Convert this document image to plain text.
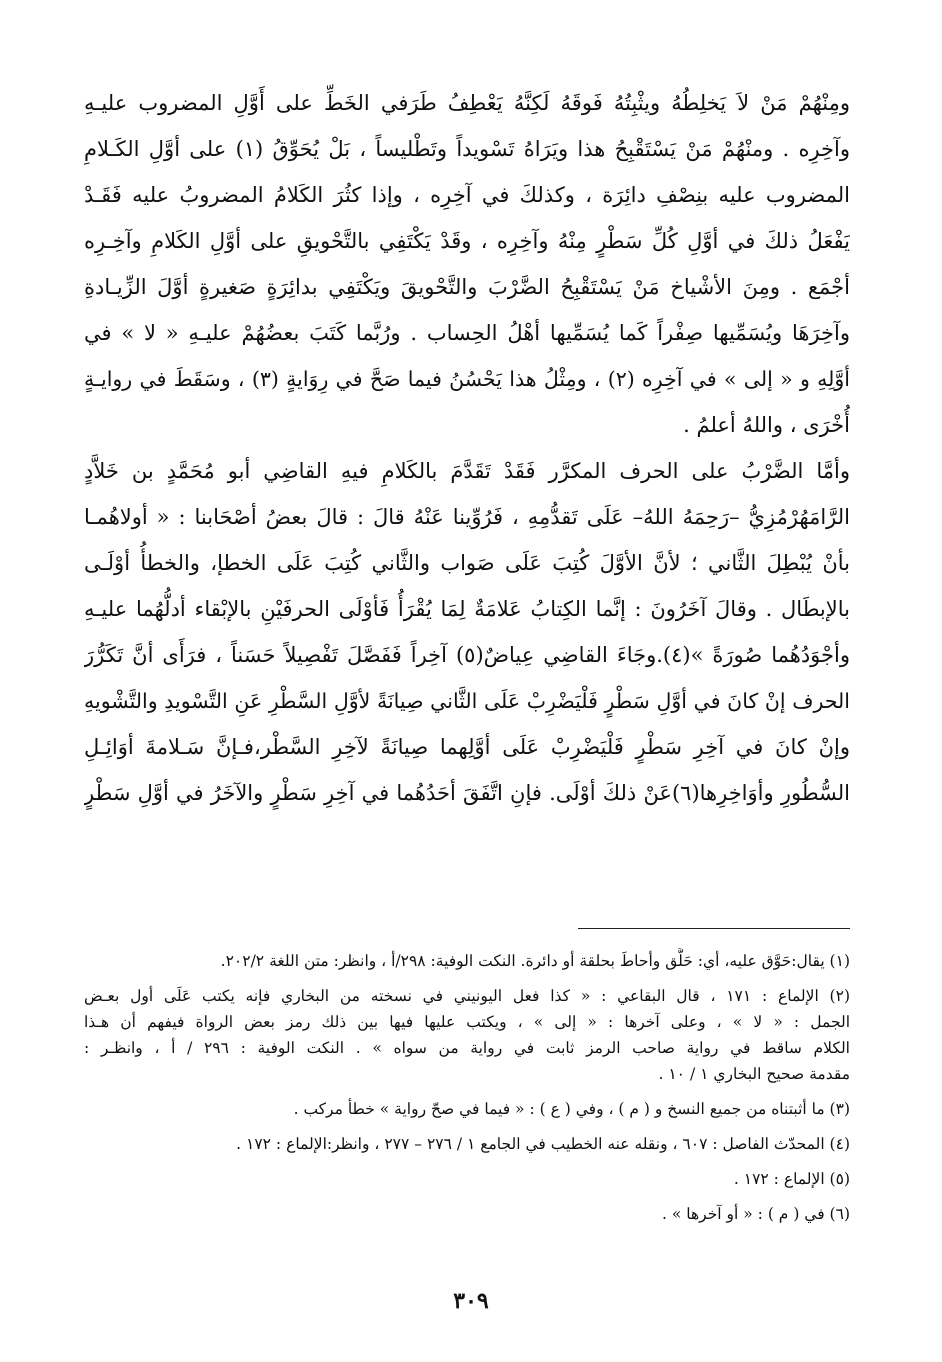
ومِنْهُمْ مَنْ لاَ يَخلِطُهُ ويثْبِتُهُ فَوقَهُ لَكِنَّهُ يَعْطِفُ طَرَفي الخَطِّ على أَوَّلِ المضروب عليـهِ
وآخِرِه . ومنْهُمْ مَنْ يَسْتَقْبِحُ هذا ويَرَاهُ تَسْويداً وتَطْليساً ، بَلْ يُحَوِّقُ (١) على أوَّلِ الكَـلامِ
المضروب عليه بنِصْفِ دائِرَة ، وكذلكَ في آخِرِه ، وإذا كثُرَ الكَلامُ المضروبُ عليه فَقَـدْ
يَفْعَلُ ذلكَ في أوَّلِ كُلِّ سَطْرٍ مِنْهُ وآخِرِه ، وقَدْ يَكْتَفِي بالتَّحْويقِ على أوَّلِ الكَلامِ وآخِـرِه
أجْمَع . ومِنَ الأشْياخ مَنْ يَسْتَقْبِحُ الضَّرْبَ والتَّحْويقَ ويَكْتَفِي بدائِرَةٍ صَغيرةٍ أوَّلَ الزِّيـادةِ
وآخِرَهَا ويُسَمِّيها صِفْراً كَما يُسَمِّيها أهْلُ الحِساب . ورُبَّما كَتَبَ بعضُهُمْ عليـهِ « لا » في
أوَّلِهِ و « إلى » في آخِرِه (٢) ، ومِثْلُ هذا يَحْسُنُ فيما صَحَّ في رِوَايةٍ (٣) ، وسَقَطَ في روايـةٍ
أُخْرَى ، واللهُ أعلمُ .
وأمَّا الضَّرْبُ على الحرف المكرَّر فَقَدْ تَقَدَّمَ بالكَلامِ فيهِ القاضِي أبو مُحَمَّدٍ بن خَلاَّدٍ
الرَّامَهُرْمُزِيُّ –رَحِمَهُ اللهُ– عَلَى تَقدُّمِهِ ، فَرُوِّينا عَنْهُ قالَ : قالَ بعضُ أصْحَابنا : « أولاهُمـا
بأنْ يُبْطِلَ الثَّاني ؛ لأنَّ الأوَّلَ كُتِبَ عَلَى صَواب والثَّاني كُتِبَ عَلَى الخطإ، والخطأُ أوْلَـى
بالإبطَال . وقالَ آخَرُونَ : إنَّما الكِتابُ عَلامَةٌ لِمَا يُقْرَأُ فَأوْلَى الحرفَيْنِ بالإبْقاء أدلُّهُما عليـهِ
وأجْوَدُهُما صُورَةً »(٤).وجَاءَ القاضِي عِياضٌ(٥) آخِراً فَفَصَّلَ تَفْصِيلاً حَسَناً ، فرَأَى أنَّ تَكَرُّرَ
الحرف إنْ كانَ في أوَّلِ سَطْرٍ فَلْيَضْرِبْ عَلَى الثَّاني صِيانَةً لأوَّلِ السَّطْرِ عَنِ التَّسْويدِ والتَّشْويهِ
وإنْ كانَ في آخِرِ سَطْرٍ فَلْيَضْرِبْ عَلَى أوَّلِهما صِيانَةً لآخِرِ السَّطْر،فـإنَّ سَـلامةَ أوَائِـلِ
السُّطُورِ وأوَاخِرِها(٦)عَنْ ذلكَ أوْلَى. فإنِ اتَّفَقَ أحَدُهُما في آخِرِ سَطْرٍ والآخَرُ في أوَّلِ سَطْرٍ
(١) يقال:حَوَّق عليه، أي: حَلَّق وأحاطَ بحلقة أو دائرة. النكت الوفية: ٢٩٨/أ ، وانظر: متن اللغة ٢٠٢/٢.
(٢) الإلماع : ١٧١ ، قال البقاعي : « كذا فعل اليونيني في نسخته من البخاري فإنه يكتب عَلَى أول بعـض
الجمل : « لا » ، وعلى آخرها : « إلى » ، ويكتب عليها فيها بين ذلك رمز بعض الرواة فيفهم أن هـذا
الكلام ساقط في رواية صاحب الرمز ثابت في رواية من سواه » . النكت الوفية : ٢٩٦ / أ ، وانظـر :
مقدمة صحيح البخاري ١ / ١٠ .
(٣) ما أثبتناه من جميع النسخ و ( م ) ، وفي ( ع ) : « فيما في صحّ رواية » خطأ مركب .
(٤) المحدّث الفاصل : ٦٠٧ ، ونقله عنه الخطيب في الجامع ١ / ٢٧٦ – ٢٧٧ ، وانظر:الإلماع : ١٧٢ .
(٥) الإلماع : ١٧٢ .
(٦) في ( م ) : « أو آخرها » .
٣٠٩
